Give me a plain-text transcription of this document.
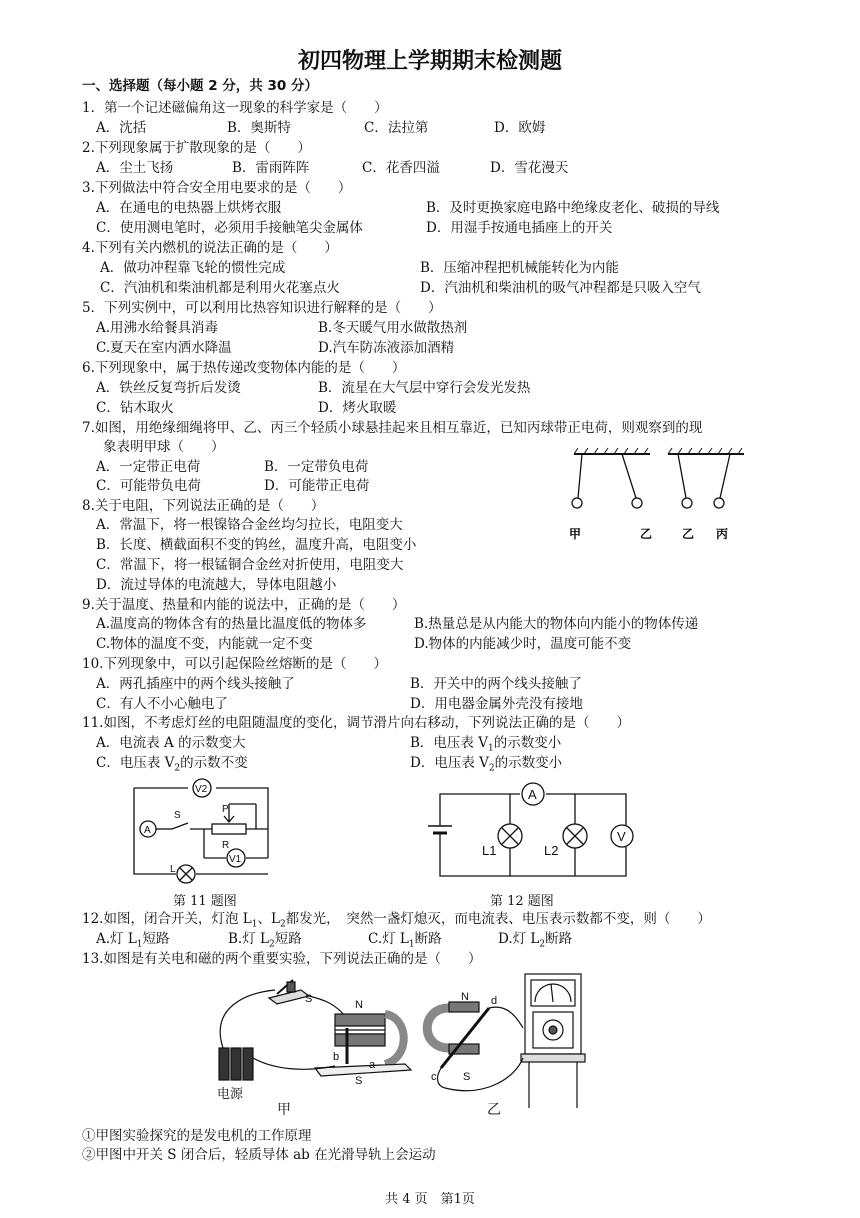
初四物理上学期期末检测题
一、选择题（每小题 2 分，共 30 分）
1．第一个记述磁偏角这一现象的科学家是（　　）
A．沈括	B．奥斯特	C．法拉第	D．欧姆
2.下列现象属于扩散现象的是（　　）
A．尘土飞扬	B．雷雨阵阵	C．花香四溢	D．雪花漫天
3.下列做法中符合安全用电要求的是（　　）
A．在通电的电热器上烘烤衣服	B．及时更换家庭电路中绝缘皮老化、破损的导线
C．使用测电笔时，必须用手接触笔尖金属体	D．用湿手按通电插座上的开关
4.下列有关内燃机的说法正确的是（　　）
A．做功冲程靠飞轮的惯性完成	B．压缩冲程把机械能转化为内能
C．汽油机和柴油机都是利用火花塞点火	D．汽油机和柴油机的吸气冲程都是只吸入空气
5．下列实例中，可以利用比热容知识进行解释的是（　　）
A.用沸水给餐具消毒	B.冬天暖气用水做散热剂
C.夏天在室内洒水降温	D.汽车防冻液添加酒精
6.下列现象中，属于热传递改变物体内能的是（　　）
A．铁丝反复弯折后发烫	B．流星在大气层中穿行会发光发热
C．钻木取火	D．烤火取暖
7.如图，用绝缘细绳将甲、乙、丙三个轻质小球悬挂起来且相互靠近，已知丙球带正电荷，则观察到的现
象表明甲球（　　）
A．一定带正电荷	B．一定带负电荷
C．可能带负电荷	D．可能带正电荷
甲	乙 乙 丙
8.关于电阻，下列说法正确的是（　　）
A．常温下，将一根镍铬合金丝均匀拉长，电阻变大
B．长度、横截面积不变的钨丝，温度升高，电阻变小
C．常温下，将一根锰铜合金丝对折使用，电阻变大
D．流过导体的电流越大，导体电阻越小
9.关于温度、热量和内能的说法中，正确的是（　　）
A.温度高的物体含有的热量比温度低的物体多	B.热量总是从内能大的物体向内能小的物体传递
C.物体的温度不变，内能就一定不变	D.物体的内能减少时，温度可能不变
10.下列现象中，可以引起保险丝熔断的是（　　）
A．两孔插座中的两个线头接触了	B．开关中的两个线头接触了
C．有人不小心触电了	D．用电器金属外壳没有接地
11.如图，不考虑灯丝的电阻随温度的变化，调节滑片向右移动，下列说法正确的是（　　）
A．电流表 A 的示数变大	B．电压表 $V_1$的示数变小
C．电压表 $V_2$的示数不变	D．电压表 $V_2$的示数变小
V2
S
P
R
A
V1
L
第 11 题图
A
L1	L2
V
第 12 题图
12.如图，闭合开关，灯泡 $L_1$、$L_2$都发光，　突然一盏灯熄灭，而电流表、电压表示数都不变，则（　　）
A.灯 $L_1$短路	B.灯 $L_2$短路	C.灯 $L_1$断路	D.灯 $L_2$断路
13.如图是有关电和磁的两个重要实验，下列说法正确的是（　　）
S	N
b
S
a
电源
甲
N d
c S
乙
①甲图实验探究的是发电机的工作原理
②甲图中开关 S 闭合后，轻质导体 ab 在光滑导轨上会运动
共 4 页　第1页
